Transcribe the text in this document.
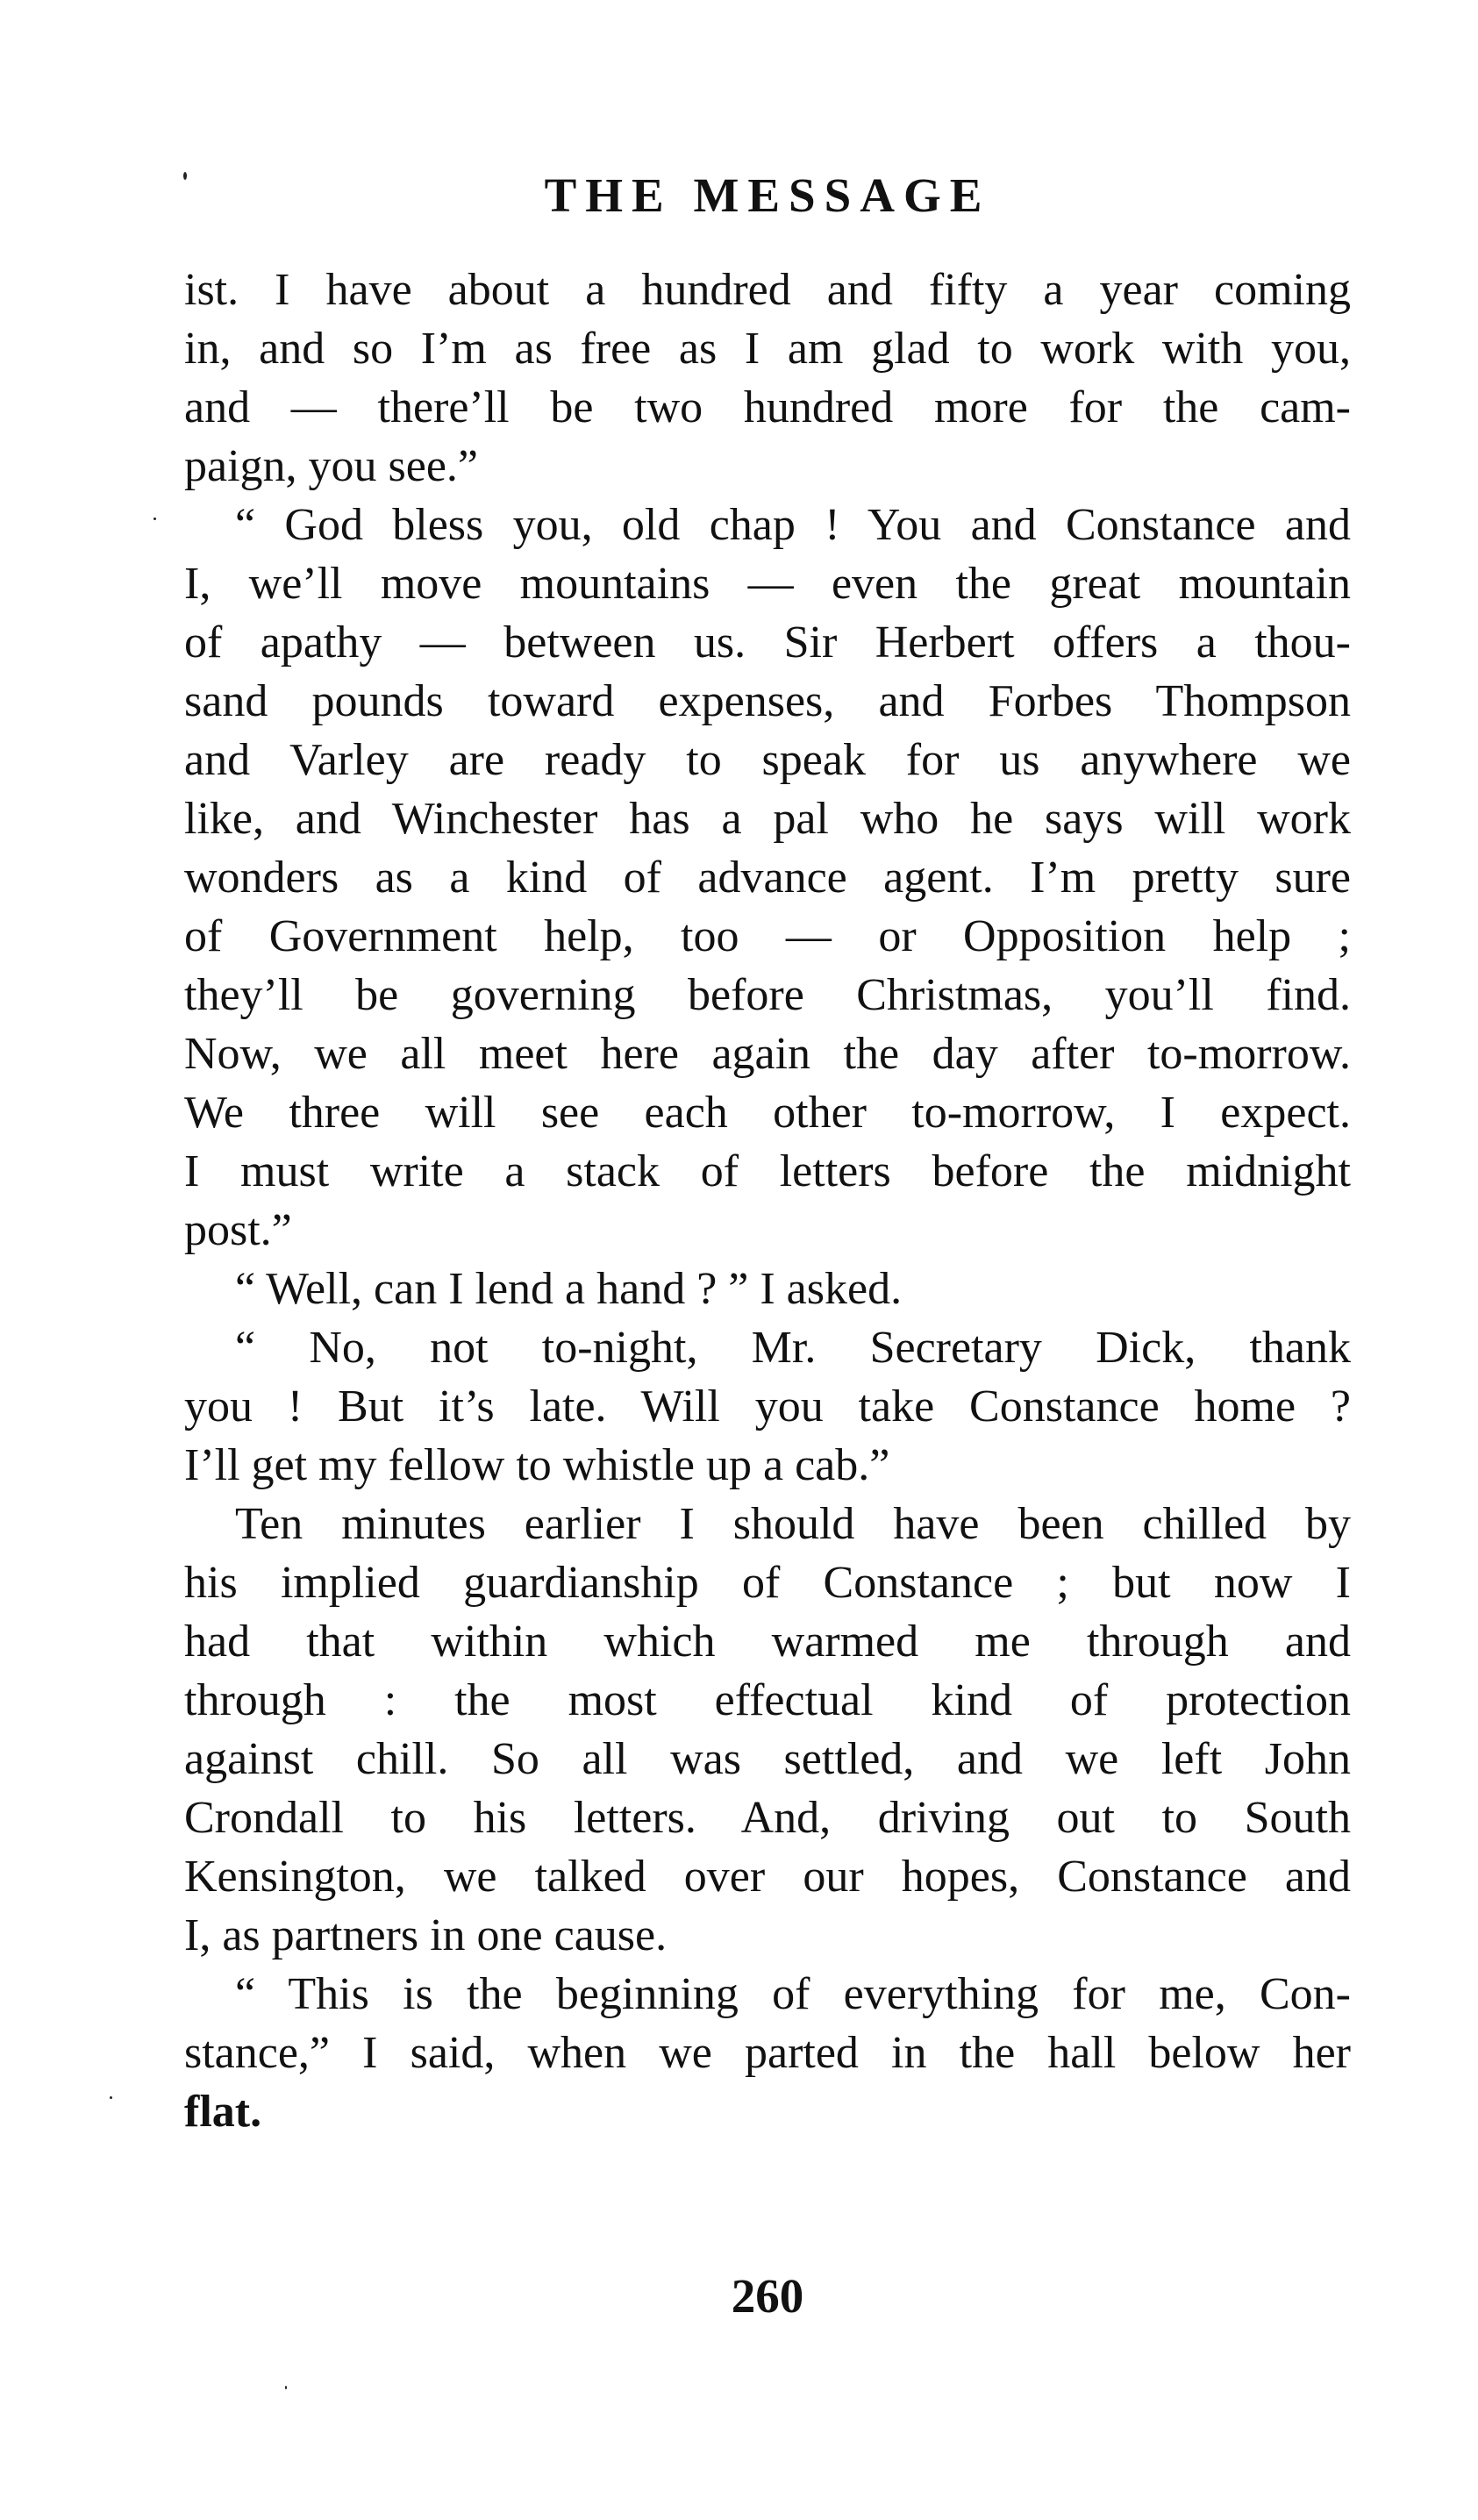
THE MESSAGE
ist. I have about a hundred and fifty a year coming
in, and so I’m as free as I am glad to work with you,
and — there’ll be two hundred more for the cam-
paign, you see.”
“ God bless you, old chap ! You and Constance and
I, we’ll move mountains — even the great mountain
of apathy — between us. Sir Herbert offers a thou-
sand pounds toward expenses, and Forbes Thompson
and Varley are ready to speak for us anywhere we
like, and Winchester has a pal who he says will work
wonders as a kind of advance agent. I’m pretty sure
of Government help, too — or Opposition help ;
they’ll be governing before Christmas, you’ll find.
Now, we all meet here again the day after to-morrow.
We three will see each other to-morrow, I expect.
I must write a stack of letters before the midnight
post.”
“ Well, can I lend a hand ? ” I asked.
“ No, not to-night, Mr. Secretary Dick, thank
you ! But it’s late. Will you take Constance home ?
I’ll get my fellow to whistle up a cab.”
Ten minutes earlier I should have been chilled by
his implied guardianship of Constance ; but now I
had that within which warmed me through and
through : the most effectual kind of protection
against chill. So all was settled, and we left John
Crondall to his letters. And, driving out to South
Kensington, we talked over our hopes, Constance and
I, as partners in one cause.
“ This is the beginning of everything for me, Con-
stance,” I said, when we parted in the hall below her
flat.
260
